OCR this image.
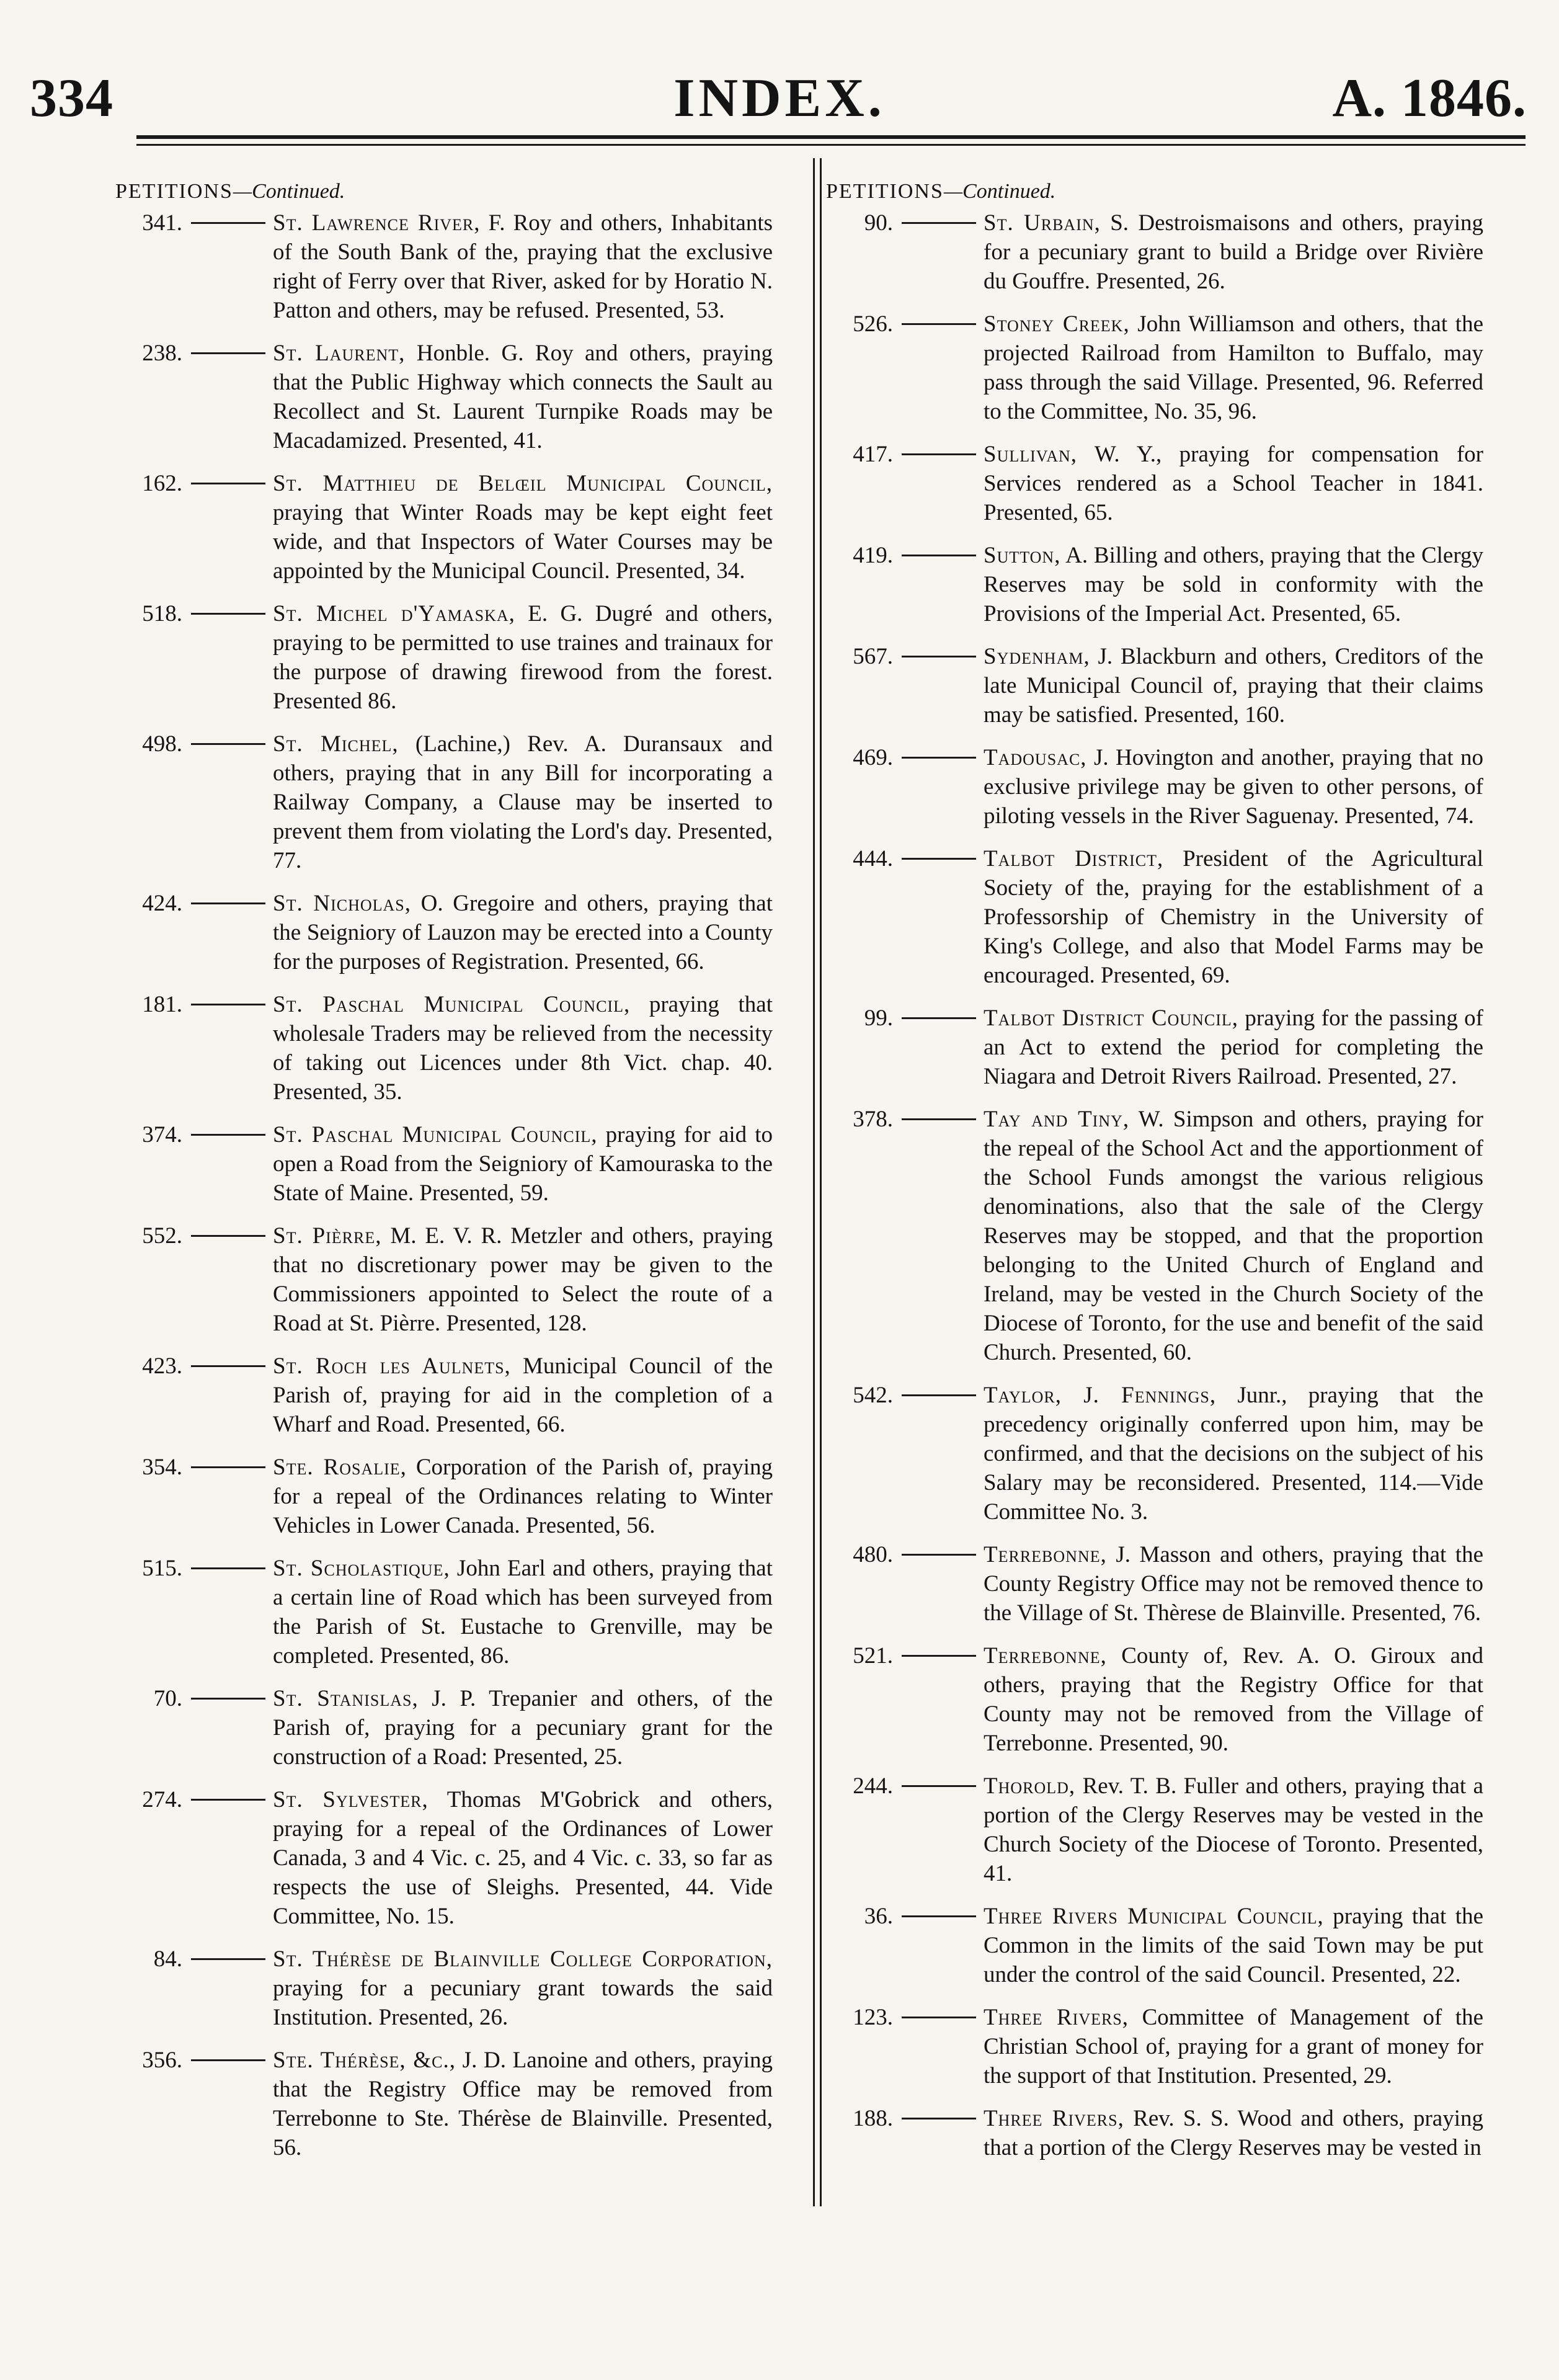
334	INDEX.	A. 1846.
PETITIONS—Continued.
341.	St. Lawrence River, F. Roy and others, Inhabitants of the South Bank of the, praying that the exclusive right of Ferry over that River, asked for by Horatio N. Patton and others, may be refused. Presented, 53.
238.	St. Laurent, Honble. G. Roy and others, praying that the Public Highway which connects the Sault au Recollect and St. Laurent Turnpike Roads may be Macadamized. Presented, 41.
162.	St. Matthieu de Belœil Municipal Council, praying that Winter Roads may be kept eight feet wide, and that Inspectors of Water Courses may be appointed by the Municipal Council. Presented, 34.
518.	St. Michel d'Yamaska, E. G. Dugré and others, praying to be permitted to use traines and trainaux for the purpose of drawing firewood from the forest. Presented 86.
498.	St. Michel, (Lachine,) Rev. A. Duransaux and others, praying that in any Bill for incorporating a Railway Company, a Clause may be inserted to prevent them from violating the Lord's day. Presented, 77.
424.	St. Nicholas, O. Gregoire and others, praying that the Seigniory of Lauzon may be erected into a County for the purposes of Registration. Presented, 66.
181.	St. Paschal Municipal Council, praying that wholesale Traders may be relieved from the necessity of taking out Licences under 8th Vict. chap. 40. Presented, 35.
374.	St. Paschal Municipal Council, praying for aid to open a Road from the Seigniory of Kamouraska to the State of Maine. Presented, 59.
552.	St. Pièrre, M. E. V. R. Metzler and others, praying that no discretionary power may be given to the Commissioners appointed to Select the route of a Road at St. Pièrre. Presented, 128.
423.	St. Roch les Aulnets, Municipal Council of the Parish of, praying for aid in the completion of a Wharf and Road. Presented, 66.
354.	Ste. Rosalie, Corporation of the Parish of, praying for a repeal of the Ordinances relating to Winter Vehicles in Lower Canada. Presented, 56.
515.	St. Scholastique, John Earl and others, praying that a certain line of Road which has been surveyed from the Parish of St. Eustache to Grenville, may be completed. Presented, 86.
70.	St. Stanislas, J. P. Trepanier and others, of the Parish of, praying for a pecuniary grant for the construction of a Road: Presented, 25.
274.	St. Sylvester, Thomas M'Gobrick and others, praying for a repeal of the Ordinances of Lower Canada, 3 and 4 Vic. c. 25, and 4 Vic. c. 33, so far as respects the use of Sleighs. Presented, 44. Vide Committee, No. 15.
84.	St. Thérèse de Blainville College Corporation, praying for a pecuniary grant towards the said Institution. Presented, 26.
356.	Ste. Thérèse, &c., J. D. Lanoine and others, praying that the Registry Office may be removed from Terrebonne to Ste. Thérèse de Blainville. Presented, 56.
PETITIONS—Continued.
90.	St. Urbain, S. Destroismaisons and others, praying for a pecuniary grant to build a Bridge over Rivière du Gouffre. Presented, 26.
526.	Stoney Creek, John Williamson and others, that the projected Railroad from Hamilton to Buffalo, may pass through the said Village. Presented, 96. Referred to the Committee, No. 35, 96.
417.	Sullivan, W. Y., praying for compensation for Services rendered as a School Teacher in 1841. Presented, 65.
419.	Sutton, A. Billing and others, praying that the Clergy Reserves may be sold in conformity with the Provisions of the Imperial Act. Presented, 65.
567.	Sydenham, J. Blackburn and others, Creditors of the late Municipal Council of, praying that their claims may be satisfied. Presented, 160.
469.	Tadousac, J. Hovington and another, praying that no exclusive privilege may be given to other persons, of piloting vessels in the River Saguenay. Presented, 74.
444.	Talbot District, President of the Agricultural Society of the, praying for the establishment of a Professorship of Chemistry in the University of King's College, and also that Model Farms may be encouraged. Presented, 69.
99.	Talbot District Council, praying for the passing of an Act to extend the period for completing the Niagara and Detroit Rivers Railroad. Presented, 27.
378.	Tay and Tiny, W. Simpson and others, praying for the repeal of the School Act and the apportionment of the School Funds amongst the various religious denominations, also that the sale of the Clergy Reserves may be stopped, and that the proportion belonging to the United Church of England and Ireland, may be vested in the Church Society of the Diocese of Toronto, for the use and benefit of the said Church. Presented, 60.
542.	Taylor, J. Fennings, Junr., praying that the precedency originally conferred upon him, may be confirmed, and that the decisions on the subject of his Salary may be reconsidered. Presented, 114.—Vide Committee No. 3.
480.	Terrebonne, J. Masson and others, praying that the County Registry Office may not be removed thence to the Village of St. Thèrese de Blainville. Presented, 76.
521.	Terrebonne, County of, Rev. A. O. Giroux and others, praying that the Registry Office for that County may not be removed from the Village of Terrebonne. Presented, 90.
244.	Thorold, Rev. T. B. Fuller and others, praying that a portion of the Clergy Reserves may be vested in the Church Society of the Diocese of Toronto. Presented, 41.
36.	Three Rivers Municipal Council, praying that the Common in the limits of the said Town may be put under the control of the said Council. Presented, 22.
123.	Three Rivers, Committee of Management of the Christian School of, praying for a grant of money for the support of that Institution. Presented, 29.
188.	Three Rivers, Rev. S. S. Wood and others, praying that a portion of the Clergy Reserves may be vested in
